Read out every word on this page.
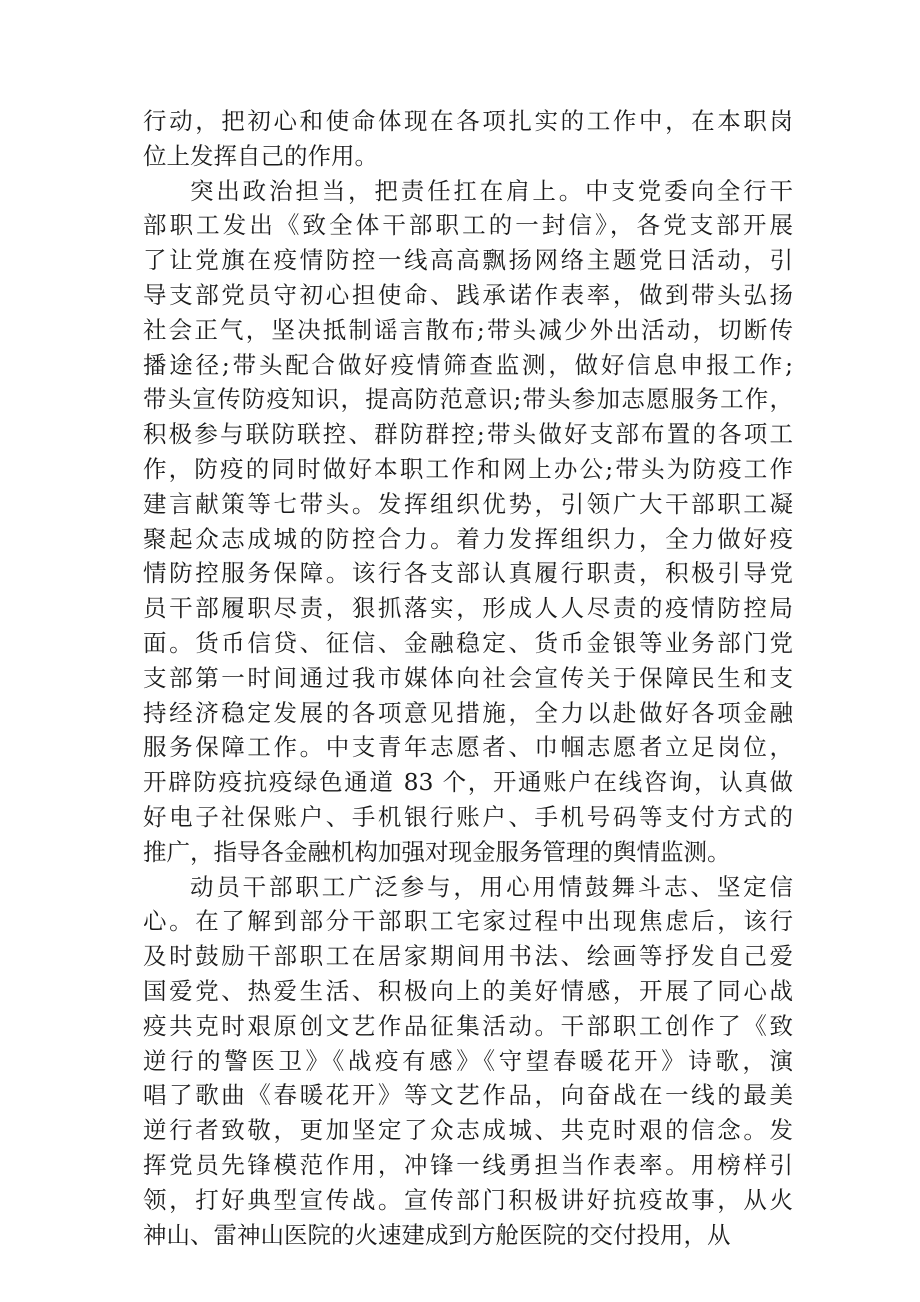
行动，把初心和使命体现在各项扎实的工作中，在本职岗
位上发挥自己的作用。
突出政治担当，把责任扛在肩上。中支党委向全行干
部职工发出《致全体干部职工的一封信》，各党支部开展
了让党旗在疫情防控一线高高飘扬网络主题党日活动，引
导支部党员守初心担使命、践承诺作表率，做到带头弘扬
社会正气，坚决抵制谣言散布;带头减少外出活动，切断传
播途径;带头配合做好疫情筛查监测，做好信息申报工作;
带头宣传防疫知识，提高防范意识;带头参加志愿服务工作，
积极参与联防联控、群防群控;带头做好支部布置的各项工
作，防疫的同时做好本职工作和网上办公;带头为防疫工作
建言献策等七带头。发挥组织优势，引领广大干部职工凝
聚起众志成城的防控合力。着力发挥组织力，全力做好疫
情防控服务保障。该行各支部认真履行职责，积极引导党
员干部履职尽责，狠抓落实，形成人人尽责的疫情防控局
面。货币信贷、征信、金融稳定、货币金银等业务部门党
支部第一时间通过我市媒体向社会宣传关于保障民生和支
持经济稳定发展的各项意见措施，全力以赴做好各项金融
服务保障工作。中支青年志愿者、巾帼志愿者立足岗位，
开辟防疫抗疫绿色通道 83 个，开通账户在线咨询，认真做
好电子社保账户、手机银行账户、手机号码等支付方式的
推广，指导各金融机构加强对现金服务管理的舆情监测。
动员干部职工广泛参与，用心用情鼓舞斗志、坚定信
心。在了解到部分干部职工宅家过程中出现焦虑后，该行
及时鼓励干部职工在居家期间用书法、绘画等抒发自己爱
国爱党、热爱生活、积极向上的美好情感，开展了同心战
疫共克时艰原创文艺作品征集活动。干部职工创作了《致
逆行的警医卫》《战疫有感》《守望春暖花开》诗歌，演
唱了歌曲《春暖花开》等文艺作品，向奋战在一线的最美
逆行者致敬，更加坚定了众志成城、共克时艰的信念。发
挥党员先锋模范作用，冲锋一线勇担当作表率。用榜样引
领，打好典型宣传战。宣传部门积极讲好抗疫故事，从火
神山、雷神山医院的火速建成到方舱医院的交付投用，从
